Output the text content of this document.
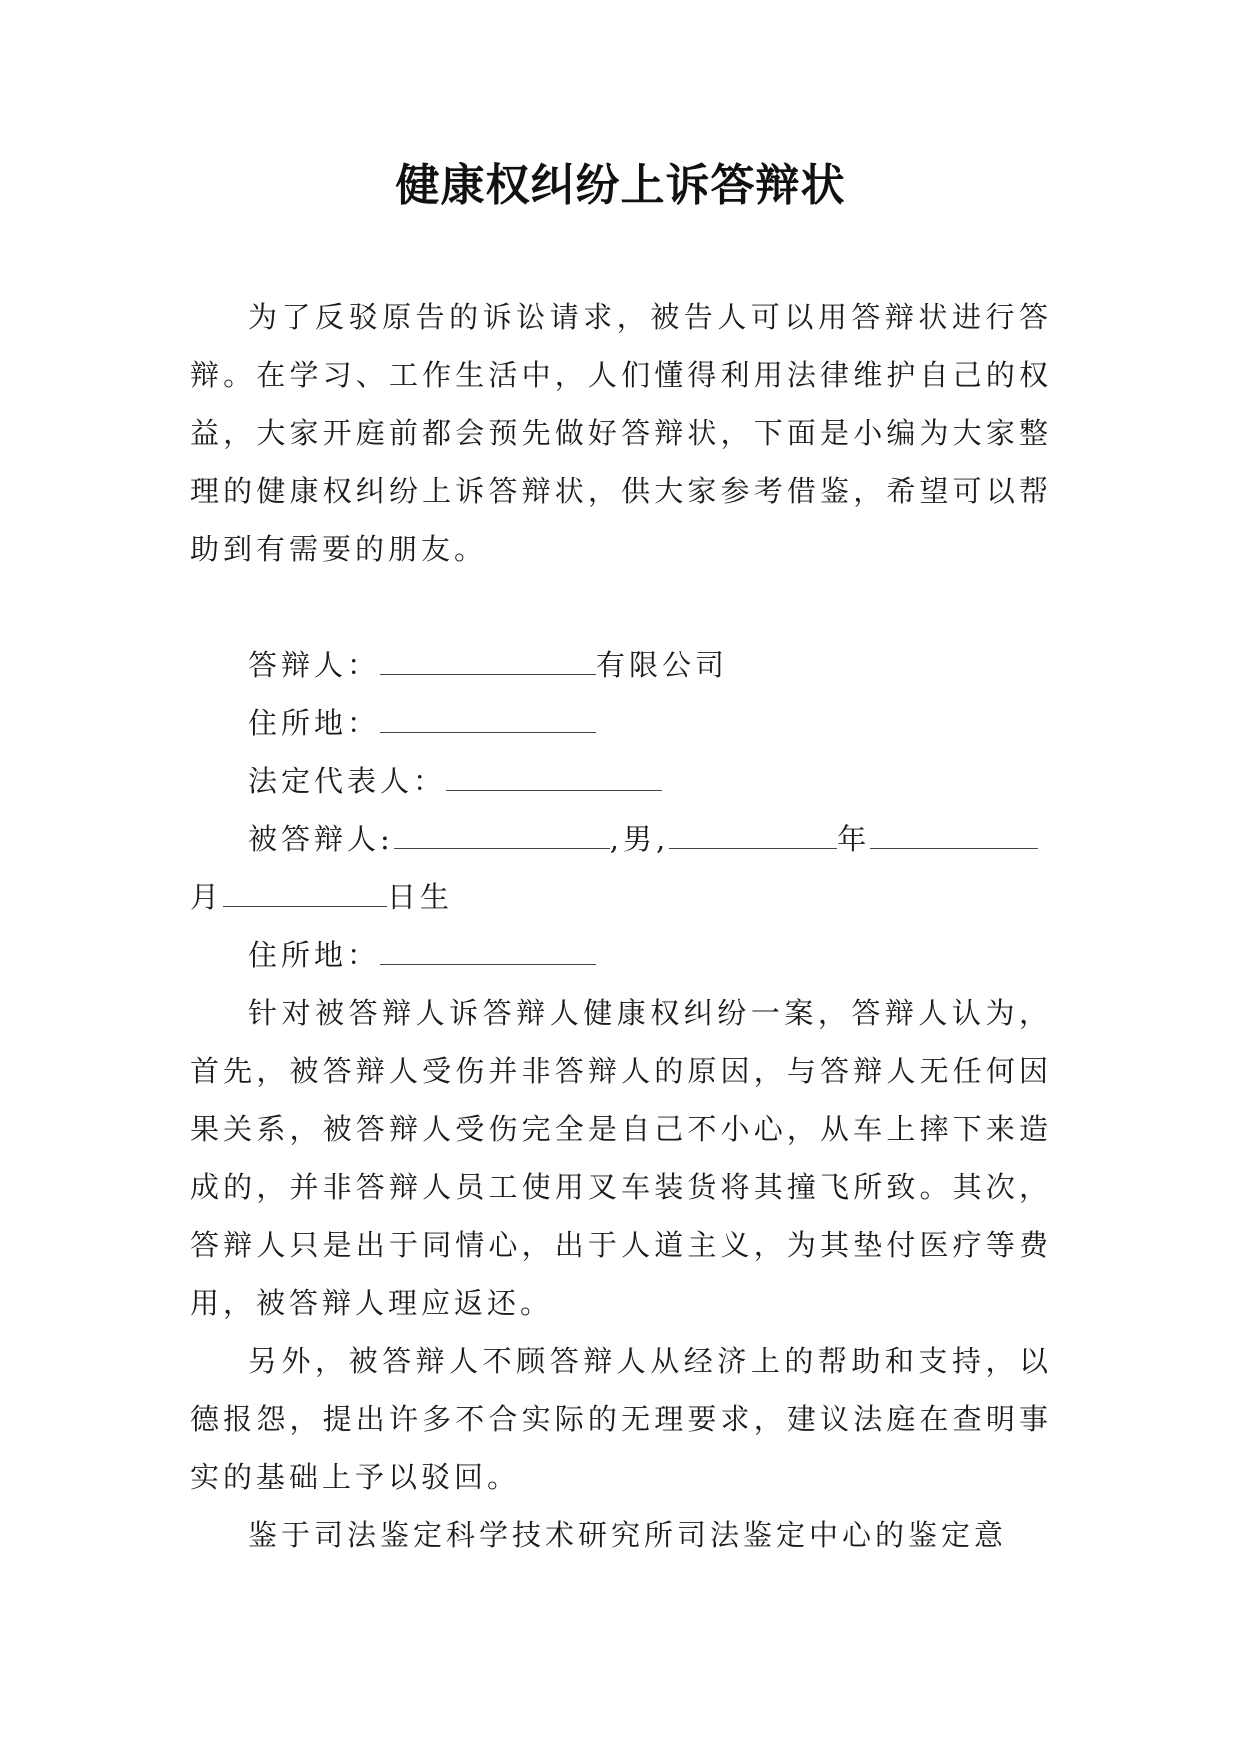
健康权纠纷上诉答辩状

为了反驳原告的诉讼请求，被告人可以用答辩状进行答辩。在学习、工作生活中，人们懂得利用法律维护自己的权益，大家开庭前都会预先做好答辩状，下面是小编为大家整理的健康权纠纷上诉答辩状，供大家参考借鉴，希望可以帮助到有需要的朋友。

答辩人：	有限公司

住所地：

法定代表人：

被答辩人:	,男,	年

月	日生

住所地：

针对被答辩人诉答辩人健康权纠纷一案，答辩人认为，首先，被答辩人受伤并非答辩人的原因，与答辩人无任何因果关系，被答辩人受伤完全是自己不小心，从车上摔下来造成的，并非答辩人员工使用叉车装货将其撞飞所致。其次，答辩人只是出于同情心，出于人道主义，为其垫付医疗等费用，被答辩人理应返还。

另外，被答辩人不顾答辩人从经济上的帮助和支持，以德报怨，提出许多不合实际的无理要求，建议法庭在查明事实的基础上予以驳回。

鉴于司法鉴定科学技术研究所司法鉴定中心的鉴定意
